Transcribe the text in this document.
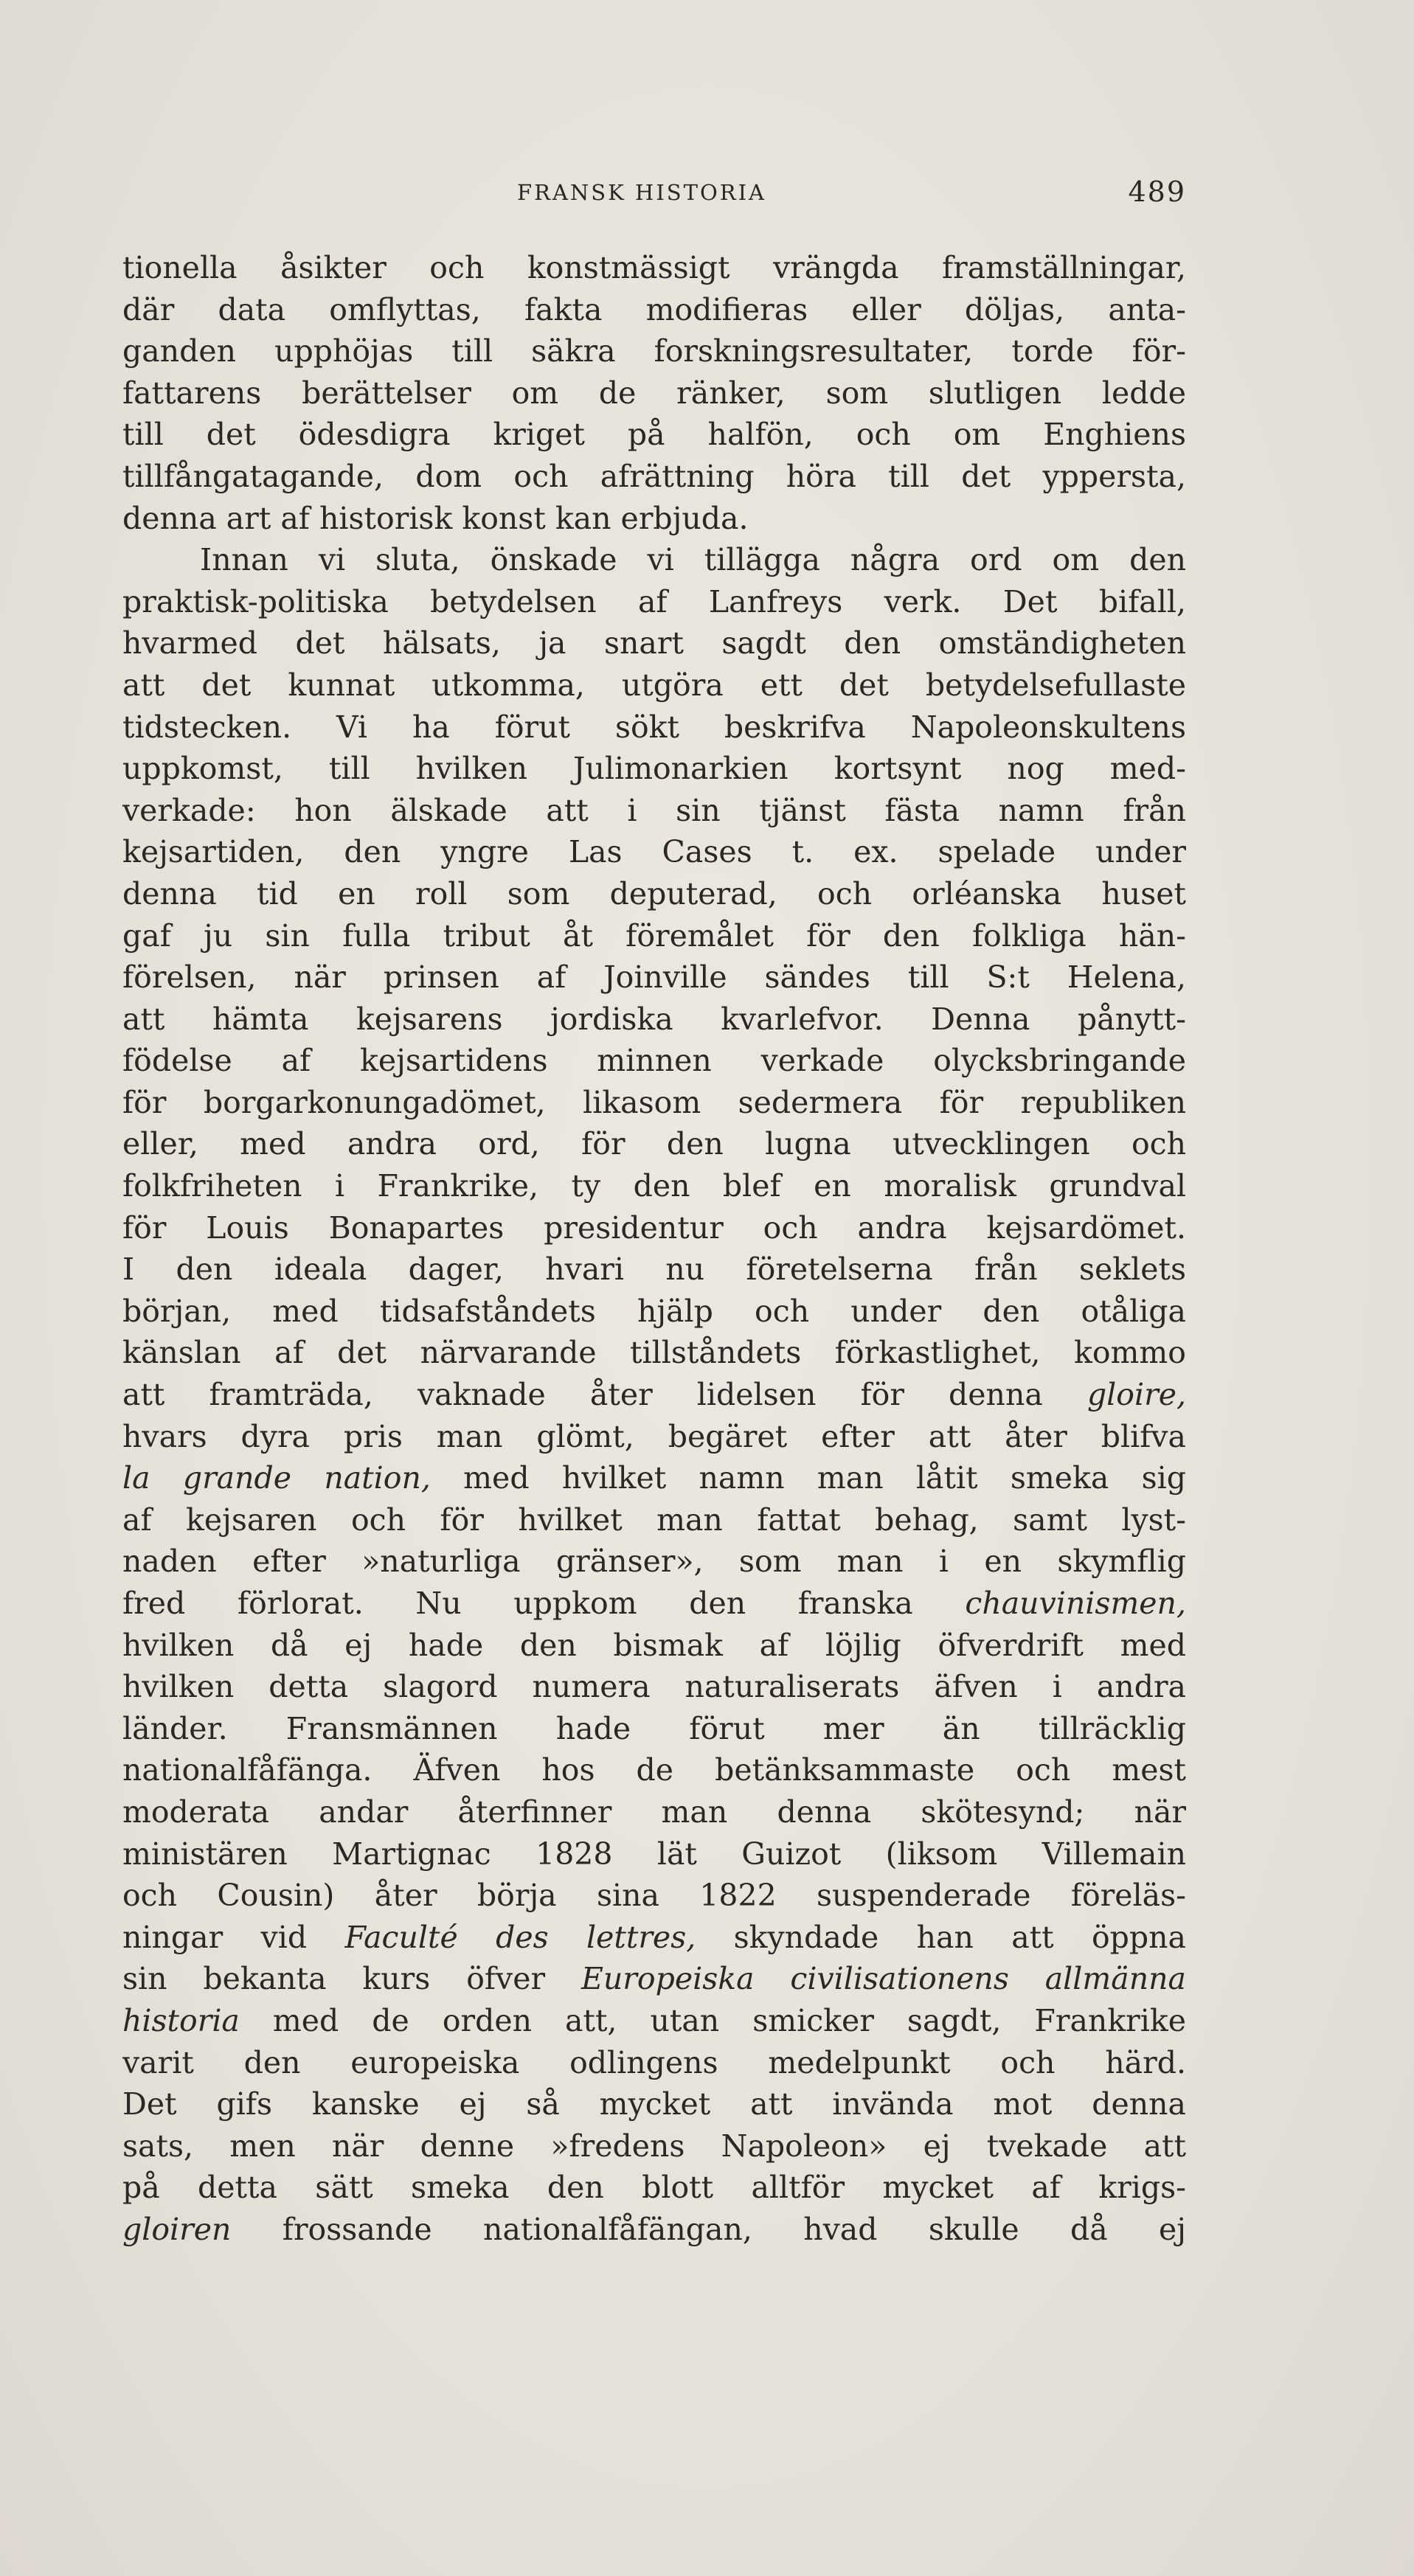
FRANSK HISTORIA	489
tionella åsikter och konstmässigt vrängda framställningar,
där data omflyttas, fakta modifieras eller döljas, anta-
ganden upphöjas till säkra forskningsresultater, torde för-
fattarens berättelser om de ränker, som slutligen ledde
till det ödesdigra kriget på halfön, och om Enghiens
tillfångatagande, dom och afrättning höra till det yppersta,
denna art af historisk konst kan erbjuda.
Innan vi sluta, önskade vi tillägga några ord om den
praktisk-politiska betydelsen af Lanfreys verk. Det bifall,
hvarmed det hälsats, ja snart sagdt den omständigheten
att det kunnat utkomma, utgöra ett det betydelsefullaste
tidstecken. Vi ha förut sökt beskrifva Napoleonskultens
uppkomst, till hvilken Julimonarkien kortsynt nog med-
verkade: hon älskade att i sin tjänst fästa namn från
kejsartiden, den yngre Las Cases t. ex. spelade under
denna tid en roll som deputerad, och orléanska huset
gaf ju sin fulla tribut åt föremålet för den folkliga hän-
förelsen, när prinsen af Joinville sändes till S:t Helena,
att hämta kejsarens jordiska kvarlefvor. Denna pånytt-
födelse af kejsartidens minnen verkade olycksbringande
för borgarkonungadömet, likasom sedermera för republiken
eller, med andra ord, för den lugna utvecklingen och
folkfriheten i Frankrike, ty den blef en moralisk grundval
för Louis Bonapartes presidentur och andra kejsardömet.
I den ideala dager, hvari nu företelserna från seklets
början, med tidsafståndets hjälp och under den otåliga
känslan af det närvarande tillståndets förkastlighet, kommo
att framträda, vaknade åter lidelsen för denna gloire,
hvars dyra pris man glömt, begäret efter att åter blifva
la grande nation, med hvilket namn man låtit smeka sig
af kejsaren och för hvilket man fattat behag, samt lyst-
naden efter »naturliga gränser», som man i en skymflig
fred förlorat. Nu uppkom den franska chauvinismen,
hvilken då ej hade den bismak af löjlig öfverdrift med
hvilken detta slagord numera naturaliserats äfven i andra
länder. Fransmännen hade förut mer än tillräcklig
nationalfåfänga. Äfven hos de betänksammaste och mest
moderata andar återfinner man denna skötesynd; när
ministären Martignac 1828 lät Guizot (liksom Villemain
och Cousin) åter börja sina 1822 suspenderade föreläs-
ningar vid Faculté des lettres, skyndade han att öppna
sin bekanta kurs öfver Europeiska civilisationens allmänna
historia med de orden att, utan smicker sagdt, Frankrike
varit den europeiska odlingens medelpunkt och härd.
Det gifs kanske ej så mycket att invända mot denna
sats, men när denne »fredens Napoleon» ej tvekade att
på detta sätt smeka den blott alltför mycket af krigs-
gloiren frossande nationalfåfängan, hvad skulle då ej
